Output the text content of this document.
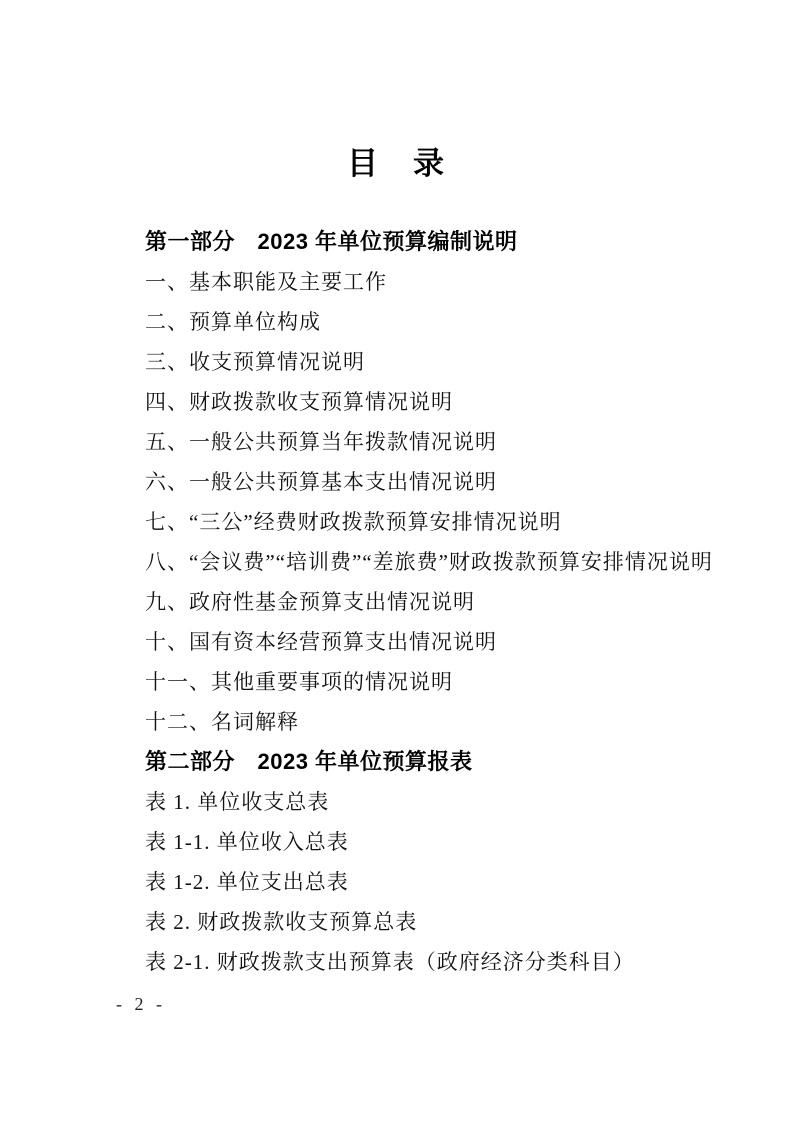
目　录
第一部分　2023 年单位预算编制说明
一、基本职能及主要工作
二、预算单位构成
三、收支预算情况说明
四、财政拨款收支预算情况说明
五、一般公共预算当年拨款情况说明
六、一般公共预算基本支出情况说明
七、“三公”经费财政拨款预算安排情况说明
八、“会议费”“培训费”“差旅费”财政拨款预算安排情况说明
九、政府性基金预算支出情况说明
十、国有资本经营预算支出情况说明
十一、其他重要事项的情况说明
十二、名词解释
第二部分　2023 年单位预算报表
表 1. 单位收支总表
表 1-1. 单位收入总表
表 1-2. 单位支出总表
表 2. 财政拨款收支预算总表
表 2-1. 财政拨款支出预算表（政府经济分类科目）
- 2 -
